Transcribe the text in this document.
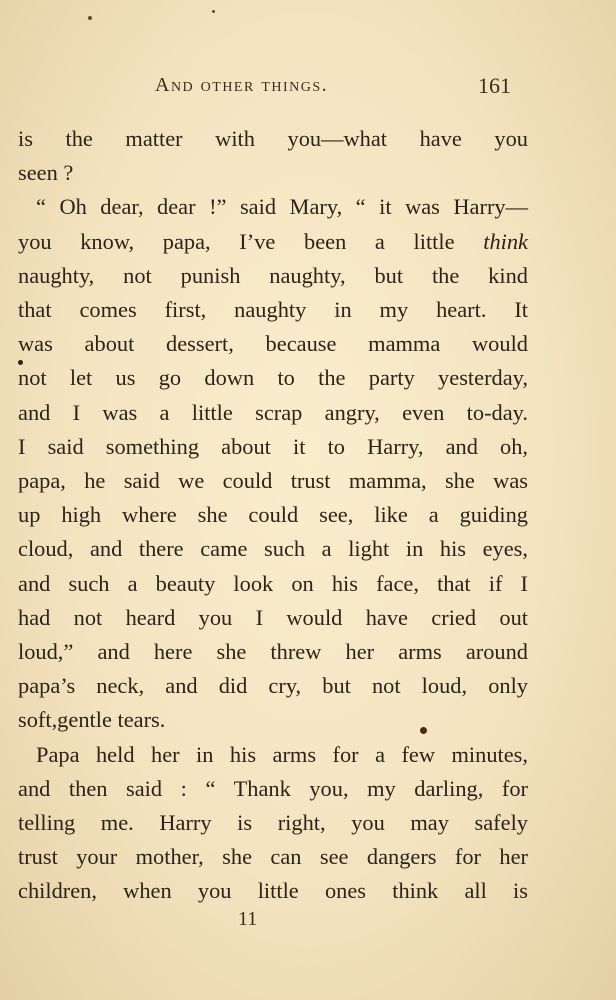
And other things.	161

is the matter with you—what have you
seen ?

“ Oh dear, dear !” said Mary, “ it was Harry—
you know, papa, I’ve been a little think
naughty, not punish naughty, but the kind
that comes first, naughty in my heart. It
was about dessert, because mamma would
not let us go down to the party yesterday,
and I was a little scrap angry, even to-day.
I said something about it to Harry, and oh,
papa, he said we could trust mamma, she was
up high where she could see, like a guiding
cloud, and there came such a light in his eyes,
and such a beauty look on his face, that if I
had not heard you I would have cried out
loud,” and here she threw her arms around
papa’s neck, and did cry, but not loud, only
soft,gentle tears.

Papa held her in his arms for a few minutes,
and then said : “ Thank you, my darling, for
telling me. Harry is right, you may safely
trust your mother, she can see dangers for her
children, when you little ones think all is

11
